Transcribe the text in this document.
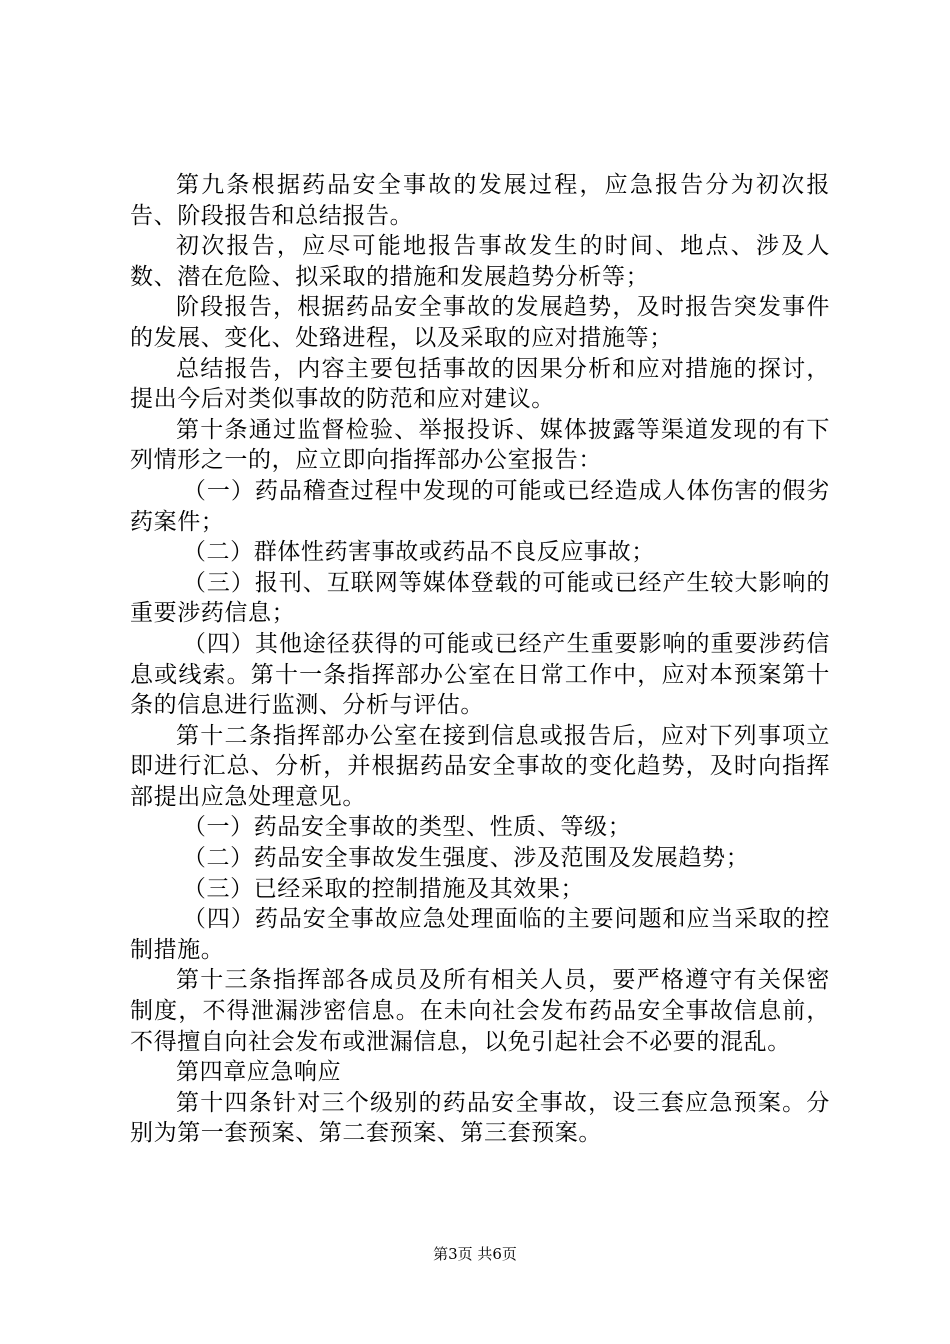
第九条根据药品安全事故的发展过程，应急报告分为初次报告、阶段报告和总结报告。

初次报告，应尽可能地报告事故发生的时间、地点、涉及人数、潜在危险、拟采取的措施和发展趋势分析等；

阶段报告，根据药品安全事故的发展趋势，及时报告突发事件的发展、变化、处臵进程，以及采取的应对措施等；

总结报告，内容主要包括事故的因果分析和应对措施的探讨，提出今后对类似事故的防范和应对建议。

第十条通过监督检验、举报投诉、媒体披露等渠道发现的有下列情形之一的，应立即向指挥部办公室报告：

（一）药品稽查过程中发现的可能或已经造成人体伤害的假劣药案件；

（二）群体性药害事故或药品不良反应事故；

（三）报刊、互联网等媒体登载的可能或已经产生较大影响的重要涉药信息；

（四）其他途径获得的可能或已经产生重要影响的重要涉药信息或线索。第十一条指挥部办公室在日常工作中，应对本预案第十条的信息进行监测、分析与评估。

第十二条指挥部办公室在接到信息或报告后，应对下列事项立即进行汇总、分析，并根据药品安全事故的变化趋势，及时向指挥部提出应急处理意见。

（一）药品安全事故的类型、性质、等级；

（二）药品安全事故发生强度、涉及范围及发展趋势；

（三）已经采取的控制措施及其效果；

（四）药品安全事故应急处理面临的主要问题和应当采取的控制措施。

第十三条指挥部各成员及所有相关人员，要严格遵守有关保密制度，不得泄漏涉密信息。在未向社会发布药品安全事故信息前，不得擅自向社会发布或泄漏信息，以免引起社会不必要的混乱。

第四章应急响应

第十四条针对三个级别的药品安全事故，设三套应急预案。分别为第一套预案、第二套预案、第三套预案。

第3页 共6页
